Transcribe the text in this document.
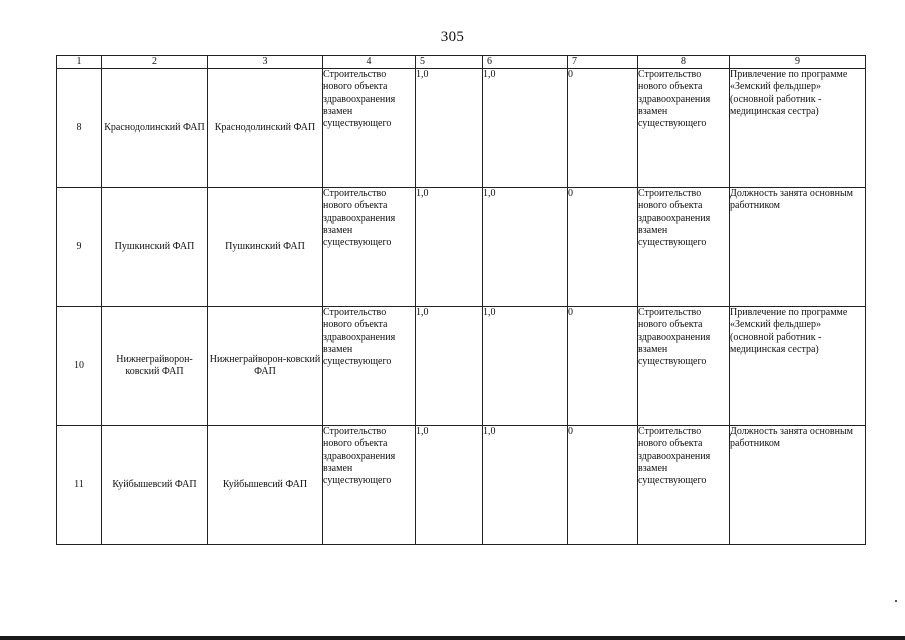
305
1	2	3	4	5	6	7	8	9
8	Краснодолинский ФАП	Краснодолинский ФАП	Строительство нового объекта здравоохранения взамен существующего	1,0	1,0	0	Строительство нового объекта здравоохранения взамен существующего	Привлечение по программе «Земский фельдшер» (основной работник - медицинская сестра)
9	Пушкинский ФАП	Пушкинский ФАП	Строительство нового объекта здравоохранения взамен существующего	1,0	1,0	0	Строительство нового объекта здравоохранения взамен существующего	Должность занята основным работником
10	Нижнеграйворон-ковский ФАП	Нижнеграйворон-ковский ФАП	Строительство нового объекта здравоохранения взамен существующего	1,0	1,0	0	Строительство нового объекта здравоохранения взамен существующего	Привлечение по программе «Земский фельдшер» (основной работник - медицинская сестра)
11	Куйбышевсий ФАП	Куйбышевсий ФАП	Строительство нового объекта здравоохранения взамен существующего	1,0	1,0	0	Строительство нового объекта здравоохранения взамен существующего	Должность занята основным работником
